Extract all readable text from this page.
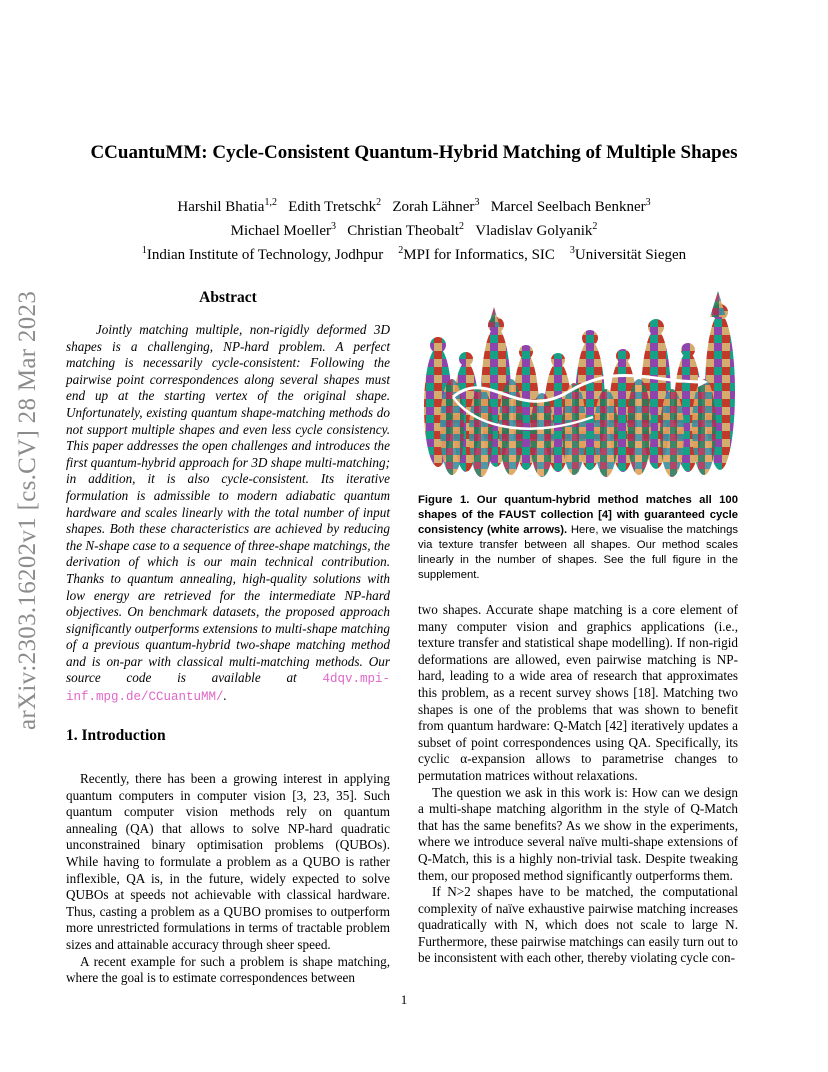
arXiv:2303.16202v1 [cs.CV] 28 Mar 2023
CCuantuMM: Cycle-Consistent Quantum-Hybrid Matching of Multiple Shapes
Harshil Bhatia$^{1,2}$   Edith Tretschk$^2$   Zorah Lähner$^3$   Marcel Seelbach Benkner$^3$
Michael Moeller$^3$   Christian Theobalt$^2$   Vladislav Golyanik$^2$
$^1$Indian Institute of Technology, Jodhpur    $^2$MPI for Informatics, SIC    $^3$Universität Siegen
Abstract

Jointly matching multiple, non-rigidly deformed 3D shapes is a challenging, NP-hard problem. A perfect matching is necessarily cycle-consistent: Following the pairwise point correspondences along several shapes must end up at the starting vertex of the original shape. Unfortunately, existing quantum shape-matching methods do not support multiple shapes and even less cycle consistency. This paper addresses the open challenges and introduces the first quantum-hybrid approach for 3D shape multi-matching; in addition, it is also cycle-consistent. Its iterative formulation is admissible to modern adiabatic quantum hardware and scales linearly with the total number of input shapes. Both these characteristics are achieved by reducing the N-shape case to a sequence of three-shape matchings, the derivation of which is our main technical contribution. Thanks to quantum annealing, high-quality solutions with low energy are retrieved for the intermediate NP-hard objectives. On benchmark datasets, the proposed approach significantly outperforms extensions to multi-shape matching of a previous quantum-hybrid two-shape matching method and is on-par with classical multi-matching methods. Our source code is available at 4dqv.mpi-inf.mpg.de/CCuantuMM/.

1. Introduction

Recently, there has been a growing interest in applying quantum computers in computer vision [3, 23, 35]. Such quantum computer vision methods rely on quantum annealing (QA) that allows to solve NP-hard quadratic unconstrained binary optimisation problems (QUBOs). While having to formulate a problem as a QUBO is rather inflexible, QA is, in the future, widely expected to solve QUBOs at speeds not achievable with classical hardware. Thus, casting a problem as a QUBO promises to outperform more unrestricted formulations in terms of tractable problem sizes and attainable accuracy through sheer speed.

A recent example for such a problem is shape matching, where the goal is to estimate correspondences between

Figure 1. Our quantum-hybrid method matches all 100 shapes of the FAUST collection [4] with guaranteed cycle consistency (white arrows). Here, we visualise the matchings via texture transfer between all shapes. Our method scales linearly in the number of shapes. See the full figure in the supplement.

two shapes. Accurate shape matching is a core element of many computer vision and graphics applications (i.e., texture transfer and statistical shape modelling). If non-rigid deformations are allowed, even pairwise matching is NP-hard, leading to a wide area of research that approximates this problem, as a recent survey shows [18]. Matching two shapes is one of the problems that was shown to benefit from quantum hardware: Q-Match [42] iteratively updates a subset of point correspondences using QA. Specifically, its cyclic α-expansion allows to parametrise changes to permutation matrices without relaxations.

The question we ask in this work is: How can we design a multi-shape matching algorithm in the style of Q-Match that has the same benefits? As we show in the experiments, where we introduce several naïve multi-shape extensions of Q-Match, this is a highly non-trivial task. Despite tweaking them, our proposed method significantly outperforms them.

If N>2 shapes have to be matched, the computational complexity of naïve exhaustive pairwise matching increases quadratically with N, which does not scale to large N. Furthermore, these pairwise matchings can easily turn out to be inconsistent with each other, thereby violating cycle con-

1
